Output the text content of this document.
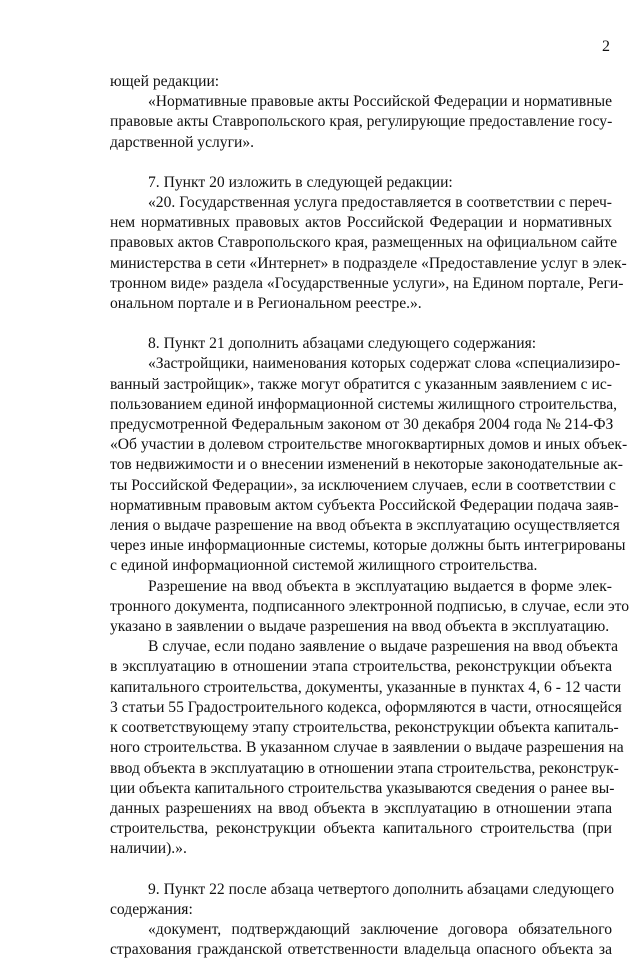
2
ющей редакции:
«Нормативные правовые акты Российской Федерации и нормативные
правовые акты Ставропольского края, регулирующие предоставление госу-
дарственной услуги».
7. Пункт 20 изложить в следующей редакции:
«20. Государственная услуга предоставляется в соответствии с переч-
нем нормативных правовых актов Российской Федерации и нормативных
правовых актов Ставропольского края, размещенных на официальном сайте
министерства в сети «Интернет» в подразделе «Предоставление услуг в элек-
тронном виде» раздела «Государственные услуги», на Едином портале, Реги-
ональном портале и в Региональном реестре.».
8. Пункт 21 дополнить абзацами следующего содержания:
«Застройщики, наименования которых содержат слова «специализиро-
ванный застройщик», также могут обратится с указанным заявлением с ис-
пользованием единой информационной системы жилищного строительства,
предусмотренной Федеральным законом от 30 декабря 2004 года № 214-ФЗ
«Об участии в долевом строительстве многоквартирных домов и иных объек-
тов недвижимости и о внесении изменений в некоторые законодательные ак-
ты Российской Федерации», за исключением случаев, если в соответствии с
нормативным правовым актом субъекта Российской Федерации подача заяв-
ления о выдаче разрешение на ввод объекта в эксплуатацию осуществляется
через иные информационные системы, которые должны быть интегрированы
с единой информационной системой жилищного строительства.
Разрешение на ввод объекта в эксплуатацию выдается в форме элек-
тронного документа, подписанного электронной подписью, в случае, если это
указано в заявлении о выдаче разрешения на ввод объекта в эксплуатацию.
В случае, если подано заявление о выдаче разрешения на ввод объекта
в эксплуатацию в отношении этапа строительства, реконструкции объекта
капитального строительства, документы, указанные в пунктах 4, 6 - 12 части
3 статьи 55 Градостроительного кодекса, оформляются в части, относящейся
к соответствующему этапу строительства, реконструкции объекта капиталь-
ного строительства. В указанном случае в заявлении о выдаче разрешения на
ввод объекта в эксплуатацию в отношении этапа строительства, реконструк-
ции объекта капитального строительства указываются сведения о ранее вы-
данных разрешениях на ввод объекта в эксплуатацию в отношении этапа
строительства, реконструкции объекта капитального строительства (при
наличии).».
9. Пункт 22 после абзаца четвертого дополнить абзацами следующего
содержания:
«документ, подтверждающий заключение договора обязательного
страхования гражданской ответственности владельца опасного объекта за
